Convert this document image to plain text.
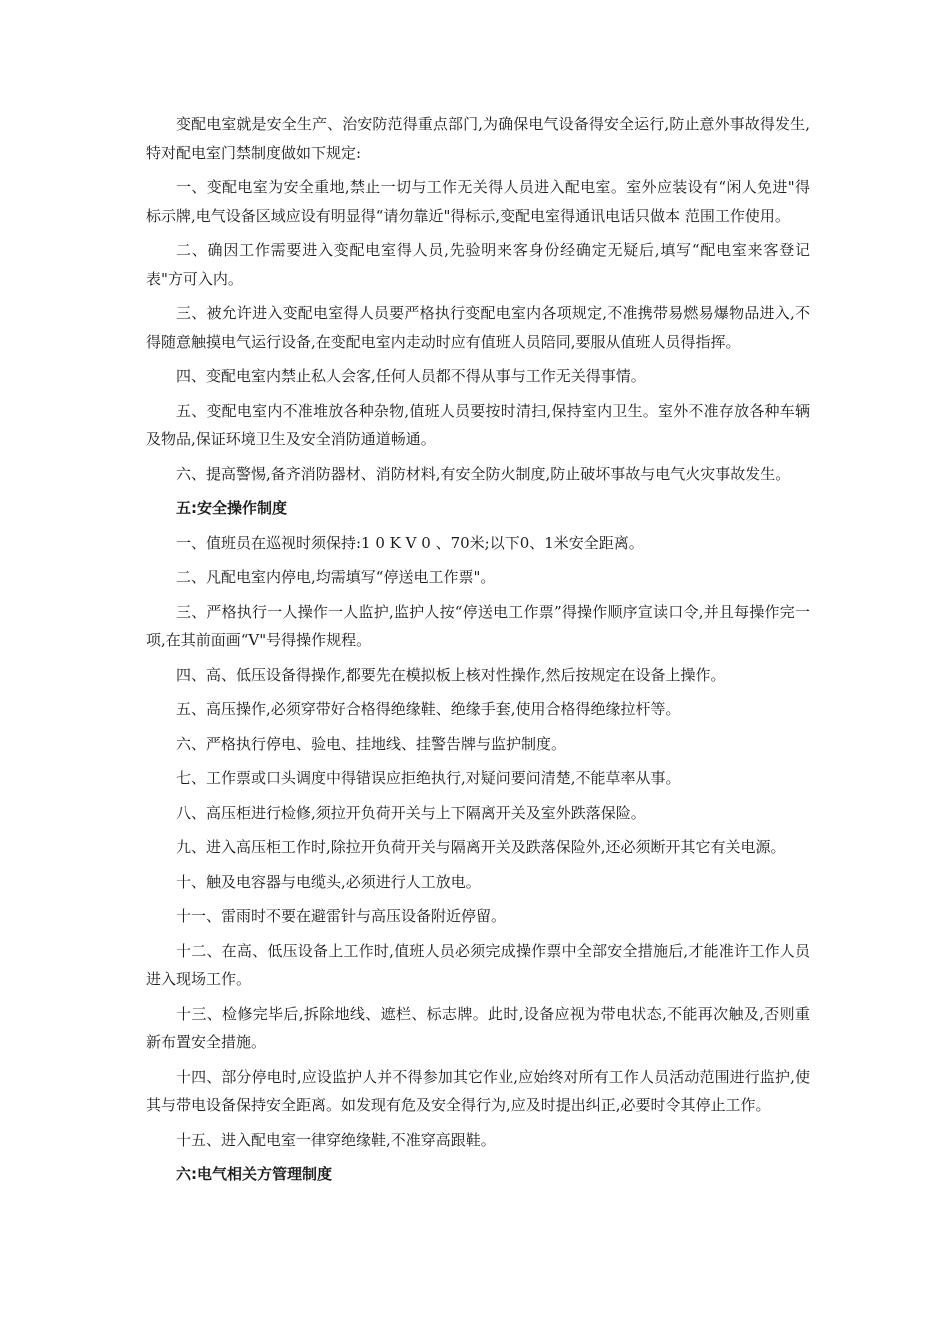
变配电室就是安全生产、治安防范得重点部门,为确保电气设备得安全运行,防止意外事故得发生,特对配电室门禁制度做如下规定:

一、变配电室为安全重地,禁止一切与工作无关得人员进入配电室。室外应装设有“闲人免进"得标示牌,电气设备区域应设有明显得“请勿靠近"得标示,变配电室得通讯电话只做本 范围工作使用。

二、确因工作需要进入变配电室得人员,先验明来客身份经确定无疑后,填写“配电室来客登记表"方可入内。

三、被允许进入变配电室得人员要严格执行变配电室内各项规定,不准携带易燃易爆物品进入,不得随意触摸电气运行设备,在变配电室内走动时应有值班人员陪同,要服从值班人员得指挥。

四、变配电室内禁止私人会客,任何人员都不得从事与工作无关得事情。

五、变配电室内不准堆放各种杂物,值班人员要按时清扫,保持室内卫生。室外不准存放各种车辆及物品,保证环境卫生及安全消防通道畅通。

六、提高警惕,备齐消防器材、消防材料,有安全防火制度,防止破坏事故与电气火灾事故发生。

五:安全操作制度

一、值班员在巡视时须保持:1 0 K V 0 、70米;以下0、1米安全距离。

二、凡配电室内停电,均需填写“停送电工作票"。

三、严格执行一人操作一人监护,监护人按“停送电工作票”得操作顺序宣读口令,并且每操作完一项,在其前面画“V"号得操作规程。

四、高、低压设备得操作,都要先在模拟板上核对性操作,然后按规定在设备上操作。

五、高压操作,必须穿带好合格得绝缘鞋、绝缘手套,使用合格得绝缘拉杆等。

六、严格执行停电、验电、挂地线、挂警告牌与监护制度。

七、工作票或口头调度中得错误应拒绝执行,对疑问要问清楚,不能草率从事。

八、高压柜进行检修,须拉开负荷开关与上下隔离开关及室外跌落保险。

九、进入高压柜工作时,除拉开负荷开关与隔离开关及跌落保险外,还必须断开其它有关电源。

十、触及电容器与电缆头,必须进行人工放电。

十一、雷雨时不要在避雷针与高压设备附近停留。

十二、在高、低压设备上工作时,值班人员必须完成操作票中全部安全措施后,才能准许工作人员进入现场工作。

十三、检修完毕后,拆除地线、遮栏、标志牌。此时,设备应视为带电状态,不能再次触及,否则重新布置安全措施。

十四、部分停电时,应设监护人并不得参加其它作业,应始终对所有工作人员活动范围进行监护,使其与带电设备保持安全距离。如发现有危及安全得行为,应及时提出纠正,必要时令其停止工作。

十五、进入配电室一律穿绝缘鞋,不准穿高跟鞋。

六:电气相关方管理制度
